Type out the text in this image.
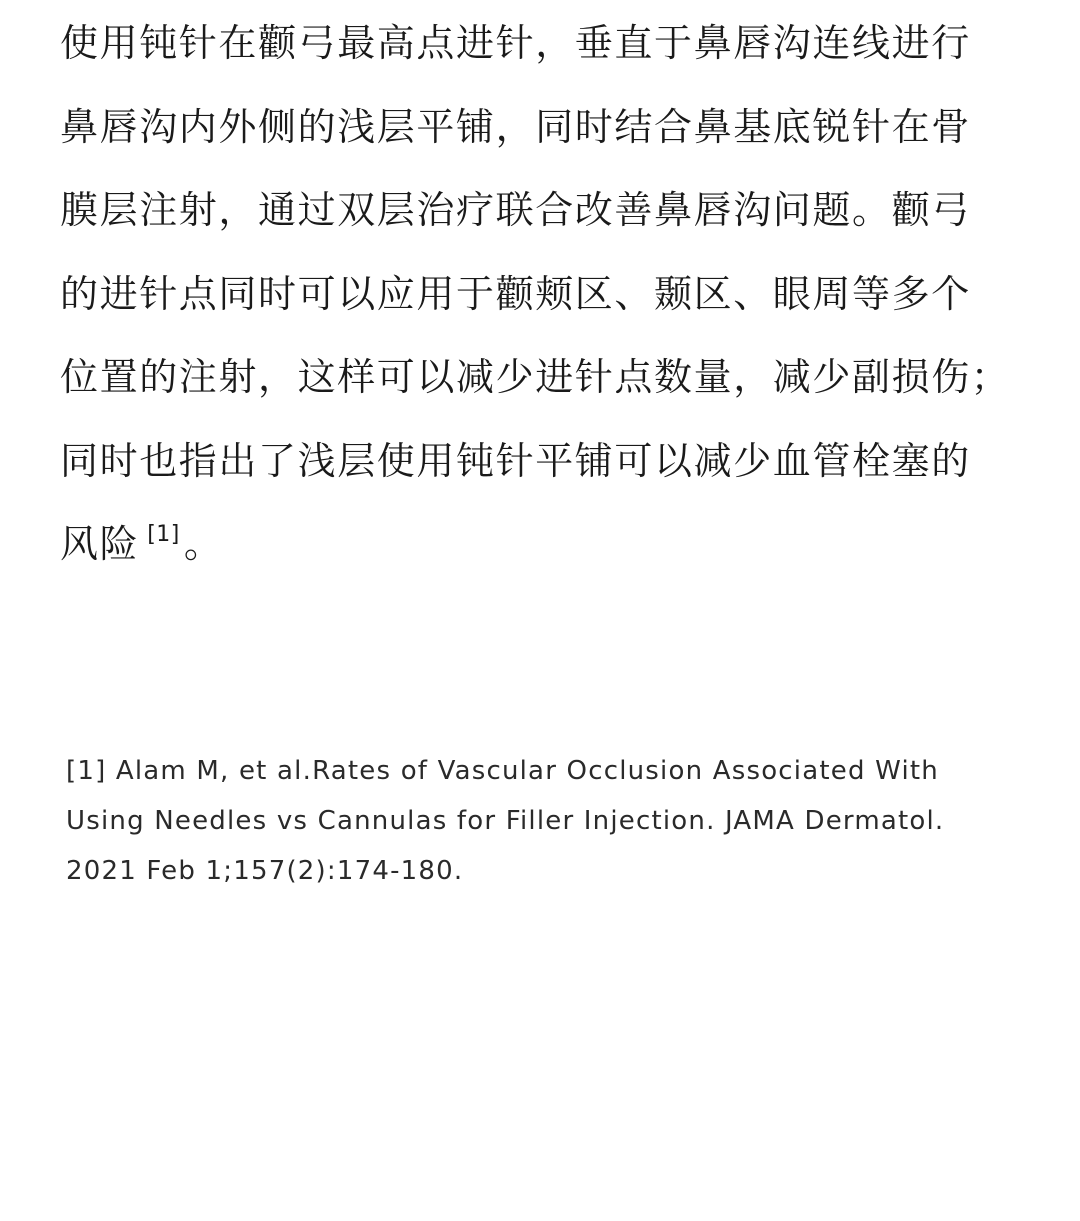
使用钝针在颧弓最高点进针，垂直于鼻唇沟连线进行
鼻唇沟内外侧的浅层平铺，同时结合鼻基底锐针在骨
膜层注射，通过双层治疗联合改善鼻唇沟问题。颧弓
的进针点同时可以应用于颧颊区、颞区、眼周等多个
位置的注射，这样可以减少进针点数量，减少副损伤；
同时也指出了浅层使用钝针平铺可以减少血管栓塞的
风险 [1] 。
[1] Alam M, et al.Rates of Vascular Occlusion Associated With
Using Needles vs Cannulas for Filler Injection. JAMA Dermatol.
2021 Feb 1;157(2):174-180.
